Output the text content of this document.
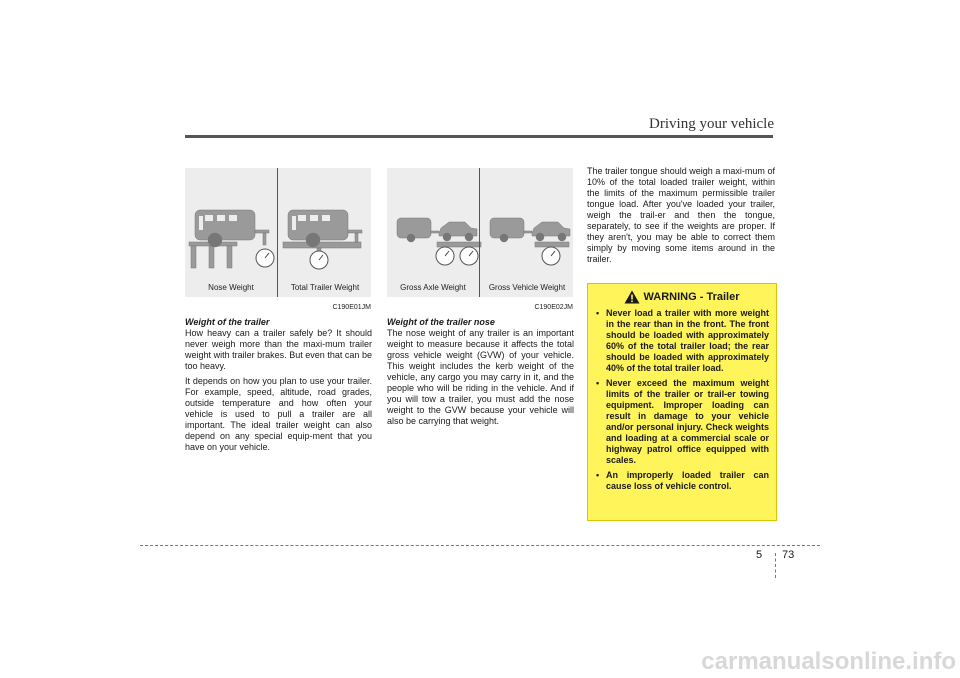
Driving your vehicle
Nose Weight	Total Trailer Weight
C190E01JM
Gross Axle Weight	Gross Vehicle Weight
C190E02JM
Weight of the trailer

How heavy can a trailer safely be? It should never weigh more than the maxi-mum trailer weight with trailer brakes. But even that can be too heavy.

It depends on how you plan to use your trailer. For example, speed, altitude, road grades, outside temperature and how often your vehicle is used to pull a trailer are all important. The ideal trailer weight can also depend on any special equip-ment that you have on your vehicle.

Weight of the trailer nose

The nose weight of any trailer is an important weight to measure because it affects the total gross vehicle weight (GVW) of your vehicle. This weight includes the kerb weight of the vehicle, any cargo you may carry in it, and the people who will be riding in the vehicle. And if you will tow a trailer, you must add the nose weight to the GVW because your vehicle will also be carrying that weight.

The trailer tongue should weigh a maxi-mum of 10% of the total loaded trailer weight, within the limits of the maximum permissible trailer tongue load. After you've loaded your trailer, weigh the trail-er and then the tongue, separately, to see if the weights are proper. If they aren't, you may be able to correct them simply by moving some items around in the trailer.

WARNING - Trailer
• Never load a trailer with more weight in the rear than in the front. The front should be loaded with approximately 60% of the total trailer load; the rear should be loaded with approximately 40% of the total trailer load.
• Never exceed the maximum weight limits of the trailer or trail-er towing equipment. Improper loading can result in damage to your vehicle and/or personal injury. Check weights and loading at a commercial scale or highway patrol office equipped with scales.
• An improperly loaded trailer can cause loss of vehicle control.
5 73
carmanualsonline.info
